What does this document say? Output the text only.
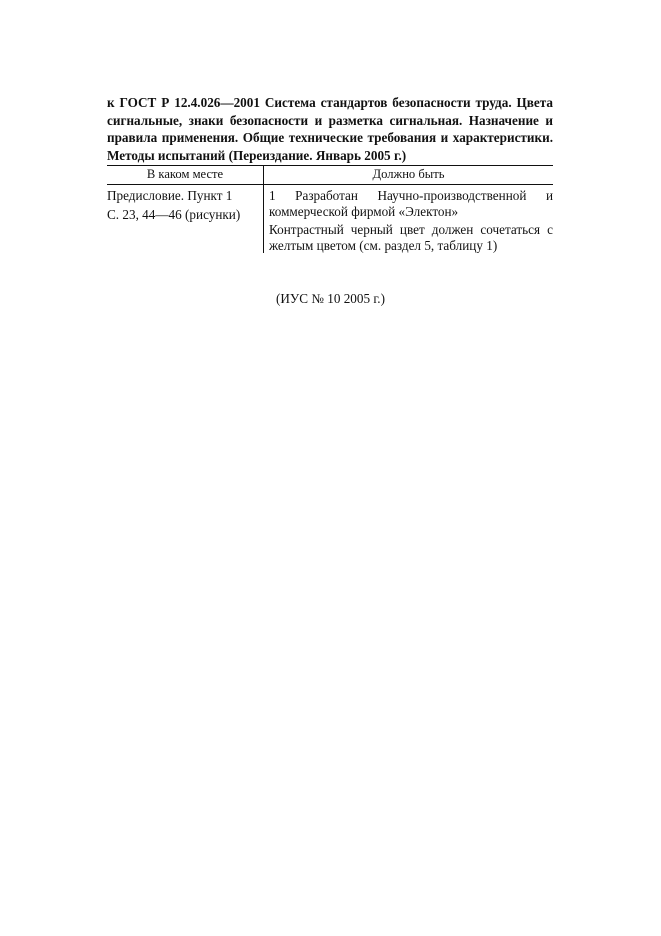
к ГОСТ Р 12.4.026—2001 Система стандартов безопасности труда. Цвета сигнальные, знаки безопасности и разметка сигнальная. Назначение и правила применения. Общие технические требования и характеристики. Методы испытаний (Переиздание. Январь 2005 г.)

В каком месте	Должно быть
Предисловие. Пункт 1
С. 23, 44—46 (рисунки)
1 Разработан Научно-производственной и коммерческой фирмой «Электон»
Контрастный черный цвет должен сочетаться с желтым цветом (см. раздел 5, таблицу 1)
(ИУС № 10 2005 г.)
